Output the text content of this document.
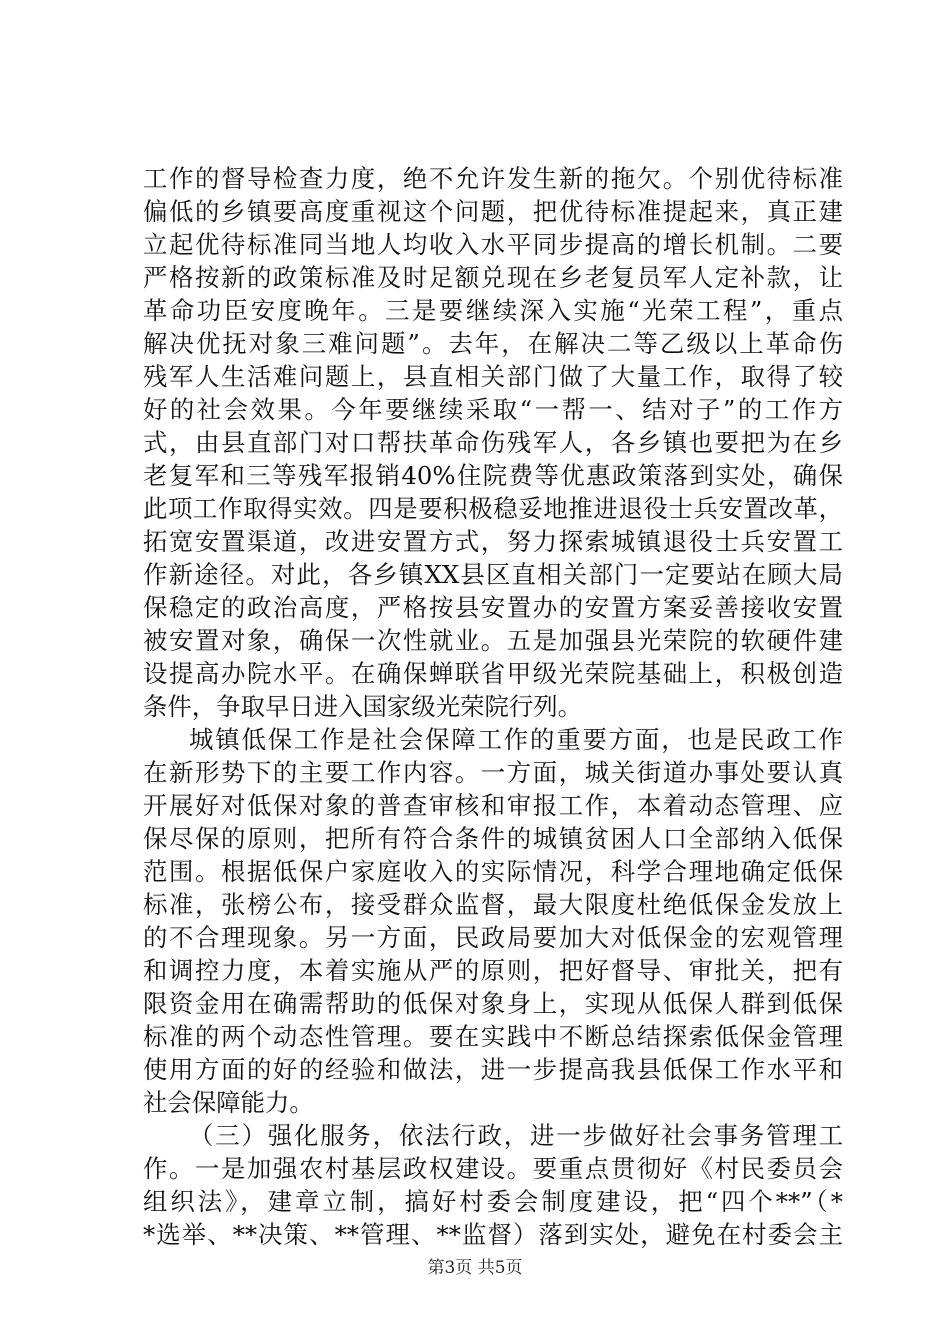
工作的督导检查力度，绝不允许发生新的拖欠。个别优待标准
偏低的乡镇要高度重视这个问题，把优待标准提起来，真正建
立起优待标准同当地人均收入水平同步提高的增长机制。二要
严格按新的政策标准及时足额兑现在乡老复员军人定补款，让
革命功臣安度晚年。三是要继续深入实施“光荣工程”，重点
解决优抚对象三难问题”。去年，在解决二等乙级以上革命伤
残军人生活难问题上，县直相关部门做了大量工作，取得了较
好的社会效果。今年要继续采取“一帮一、结对子”的工作方
式，由县直部门对口帮扶革命伤残军人，各乡镇也要把为在乡
老复军和三等残军报销40%住院费等优惠政策落到实处，确保
此项工作取得实效。四是要积极稳妥地推进退役士兵安置改革，
拓宽安置渠道，改进安置方式，努力探索城镇退役士兵安置工
作新途径。对此，各乡镇XX县区直相关部门一定要站在顾大局
保稳定的政治高度，严格按县安置办的安置方案妥善接收安置
被安置对象，确保一次性就业。五是加强县光荣院的软硬件建
设提高办院水平。在确保蝉联省甲级光荣院基础上，积极创造
条件，争取早日进入国家级光荣院行列。
城镇低保工作是社会保障工作的重要方面，也是民政工作
在新形势下的主要工作内容。一方面，城关街道办事处要认真
开展好对低保对象的普查审核和审报工作，本着动态管理、应
保尽保的原则，把所有符合条件的城镇贫困人口全部纳入低保
范围。根据低保户家庭收入的实际情况，科学合理地确定低保
标准，张榜公布，接受群众监督，最大限度杜绝低保金发放上
的不合理现象。另一方面，民政局要加大对低保金的宏观管理
和调控力度，本着实施从严的原则，把好督导、审批关，把有
限资金用在确需帮助的低保对象身上，实现从低保人群到低保
标准的两个动态性管理。要在实践中不断总结探索低保金管理
使用方面的好的经验和做法，进一步提高我县低保工作水平和
社会保障能力。
（三）强化服务，依法行政，进一步做好社会事务管理工
作。一是加强农村基层政权建设。要重点贯彻好《村民委员会
组织法》，建章立制，搞好村委会制度建设，把“四个**”（*
*选举、**决策、**管理、**监督）落到实处，避免在村委会主
第3页 共5页
